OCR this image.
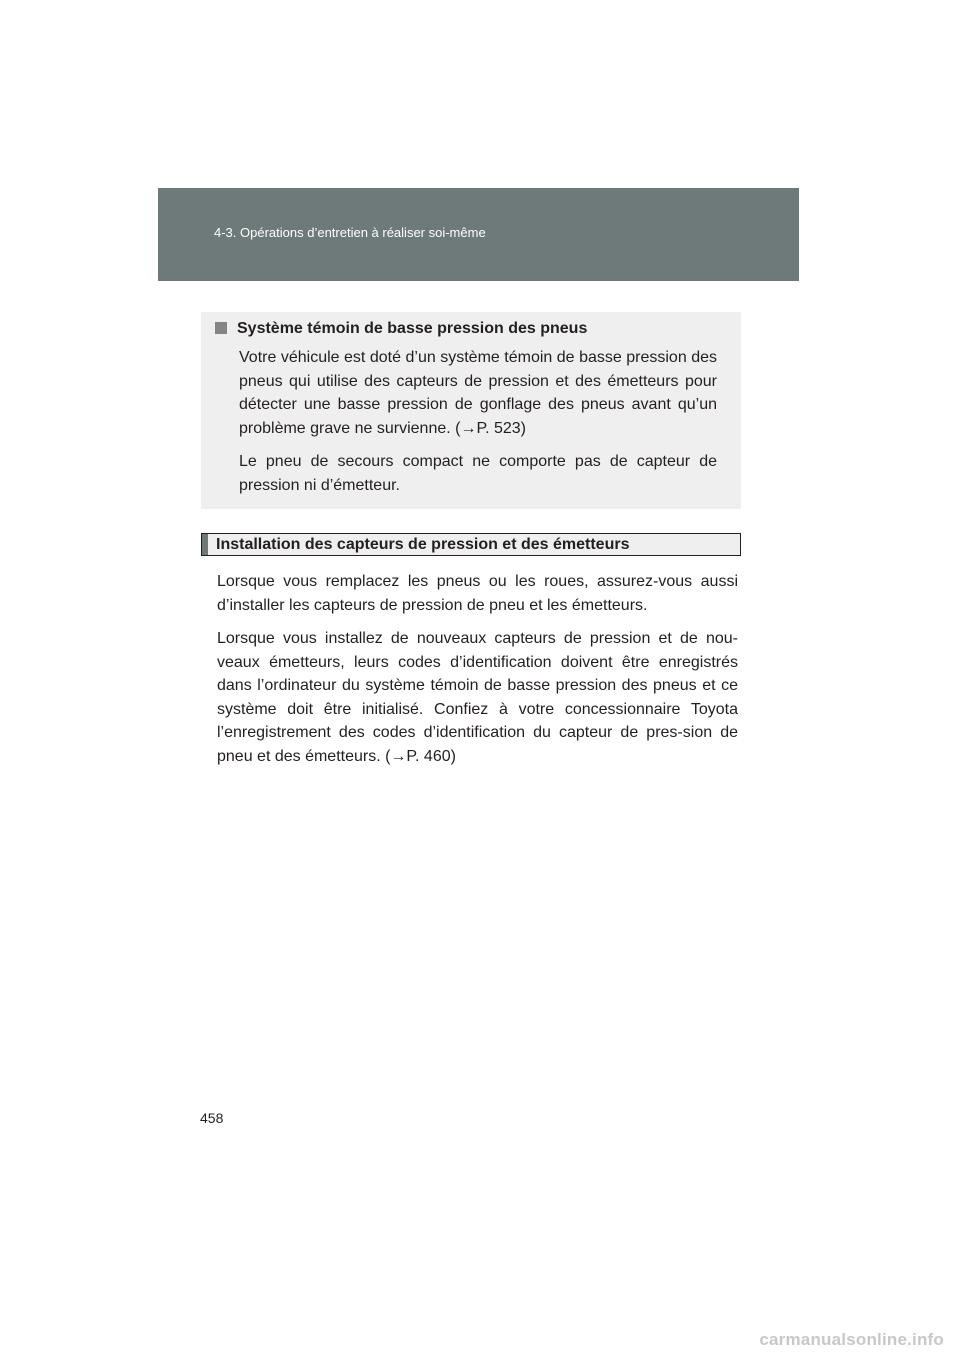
4-3. Opérations d’entretien à réaliser soi-même
Système témoin de basse pression des pneus

Votre véhicule est doté d’un système témoin de basse pression des pneus qui utilise des capteurs de pression et des émetteurs pour détecter une basse pression de gonflage des pneus avant qu’un problème grave ne survienne. (→P. 523)

Le pneu de secours compact ne comporte pas de capteur de pression ni d’émetteur.

Installation des capteurs de pression et des émetteurs

Lorsque vous remplacez les pneus ou les roues, assurez-vous aussi d’installer les capteurs de pression de pneu et les émetteurs.

Lorsque vous installez de nouveaux capteurs de pression et de nou-veaux émetteurs, leurs codes d’identification doivent être enregistrés dans l’ordinateur du système témoin de basse pression des pneus et ce système doit être initialisé. Confiez à votre concessionnaire Toyota l’enregistrement des codes d’identification du capteur de pres-sion de pneu et des émetteurs. (→P. 460)

458
carmanualsonline.info
